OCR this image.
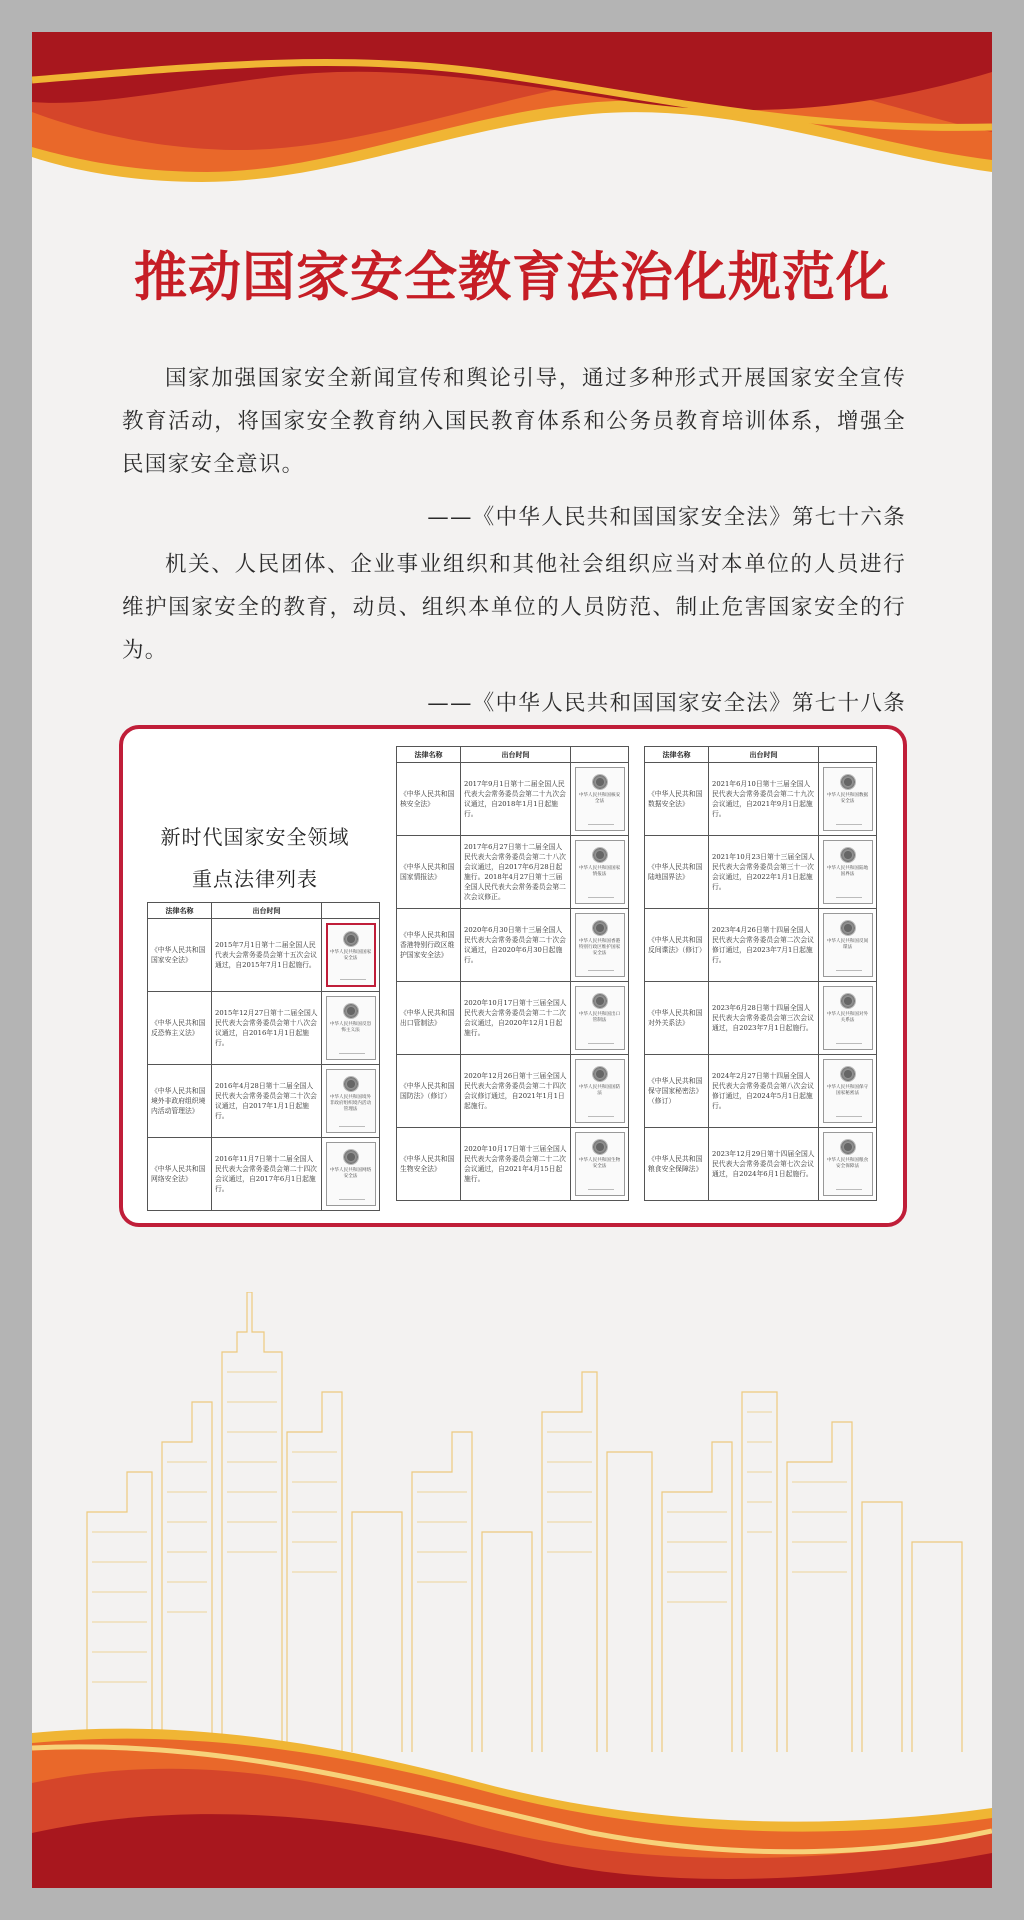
推动国家安全教育法治化规范化

国家加强国家安全新闻宣传和舆论引导，通过多种形式开展国家安全宣传教育活动，将国家安全教育纳入国民教育体系和公务员教育培训体系，增强全民国家安全意识。

——《中华人民共和国国家安全法》第七十六条

机关、人民团体、企业事业组织和其他社会组织应当对本单位的人员进行维护国家安全的教育，动员、组织本单位的人员防范、制止危害国家安全的行为。

——《中华人民共和国国家安全法》第七十八条
新时代国家安全领域
重点法律列表
法律名称	出台时间	
《中华人民共和国国家安全法》	2015年7月1日第十二届全国人民代表大会常务委员会第十五次会议通过，自2015年7月1日起施行。	中华人民共和国国家安全法

《中华人民共和国反恐怖主义法》	2015年12月27日第十二届全国人民代表大会常务委员会第十八次会议通过，自2016年1月1日起施行。	中华人民共和国反恐怖主义法

《中华人民共和国境外非政府组织境内活动管理法》	2016年4月28日第十二届全国人民代表大会常务委员会第二十次会议通过，自2017年1月1日起施行。	中华人民共和国境外非政府组织境内活动管理法

《中华人民共和国网络安全法》	2016年11月7日第十二届全国人民代表大会常务委员会第二十四次会议通过，自2017年6月1日起施行。	中华人民共和国网络安全法
法律名称	出台时间	
《中华人民共和国核安全法》	2017年9月1日第十二届全国人民代表大会常务委员会第二十九次会议通过，自2018年1月1日起施行。	中华人民共和国核安全法

《中华人民共和国国家情报法》	2017年6月27日第十二届全国人民代表大会常务委员会第二十八次会议通过，自2017年6月28日起施行。2018年4月27日第十三届全国人民代表大会常务委员会第二次会议修正。	中华人民共和国国家情报法

《中华人民共和国香港特别行政区维护国家安全法》	2020年6月30日第十三届全国人民代表大会常务委员会第二十次会议通过，自2020年6月30日起施行。	中华人民共和国香港特别行政区维护国家安全法

《中华人民共和国出口管制法》	2020年10月17日第十三届全国人民代表大会常务委员会第二十二次会议通过，自2020年12月1日起施行。	中华人民共和国出口管制法

《中华人民共和国国防法》（修订）	2020年12月26日第十三届全国人民代表大会常务委员会第二十四次会议修订通过，自2021年1月1日起施行。	中华人民共和国国防法

《中华人民共和国生物安全法》	2020年10月17日第十三届全国人民代表大会常务委员会第二十二次会议通过，自2021年4月15日起施行。	中华人民共和国生物安全法
法律名称	出台时间	
《中华人民共和国数据安全法》	2021年6月10日第十三届全国人民代表大会常务委员会第二十九次会议通过，自2021年9月1日起施行。	中华人民共和国数据安全法

《中华人民共和国陆地国界法》	2021年10月23日第十三届全国人民代表大会常务委员会第三十一次会议通过，自2022年1月1日起施行。	中华人民共和国陆地国界法

《中华人民共和国反间谍法》（修订）	2023年4月26日第十四届全国人民代表大会常务委员会第二次会议修订通过，自2023年7月1日起施行。	中华人民共和国反间谍法

《中华人民共和国对外关系法》	2023年6月28日第十四届全国人民代表大会常务委员会第三次会议通过，自2023年7月1日起施行。	中华人民共和国对外关系法

《中华人民共和国保守国家秘密法》（修订）	2024年2月27日第十四届全国人民代表大会常务委员会第八次会议修订通过，自2024年5月1日起施行。	中华人民共和国保守国家秘密法

《中华人民共和国粮食安全保障法》	2023年12月29日第十四届全国人民代表大会常务委员会第七次会议通过，自2024年6月1日起施行。	中华人民共和国粮食安全保障法
